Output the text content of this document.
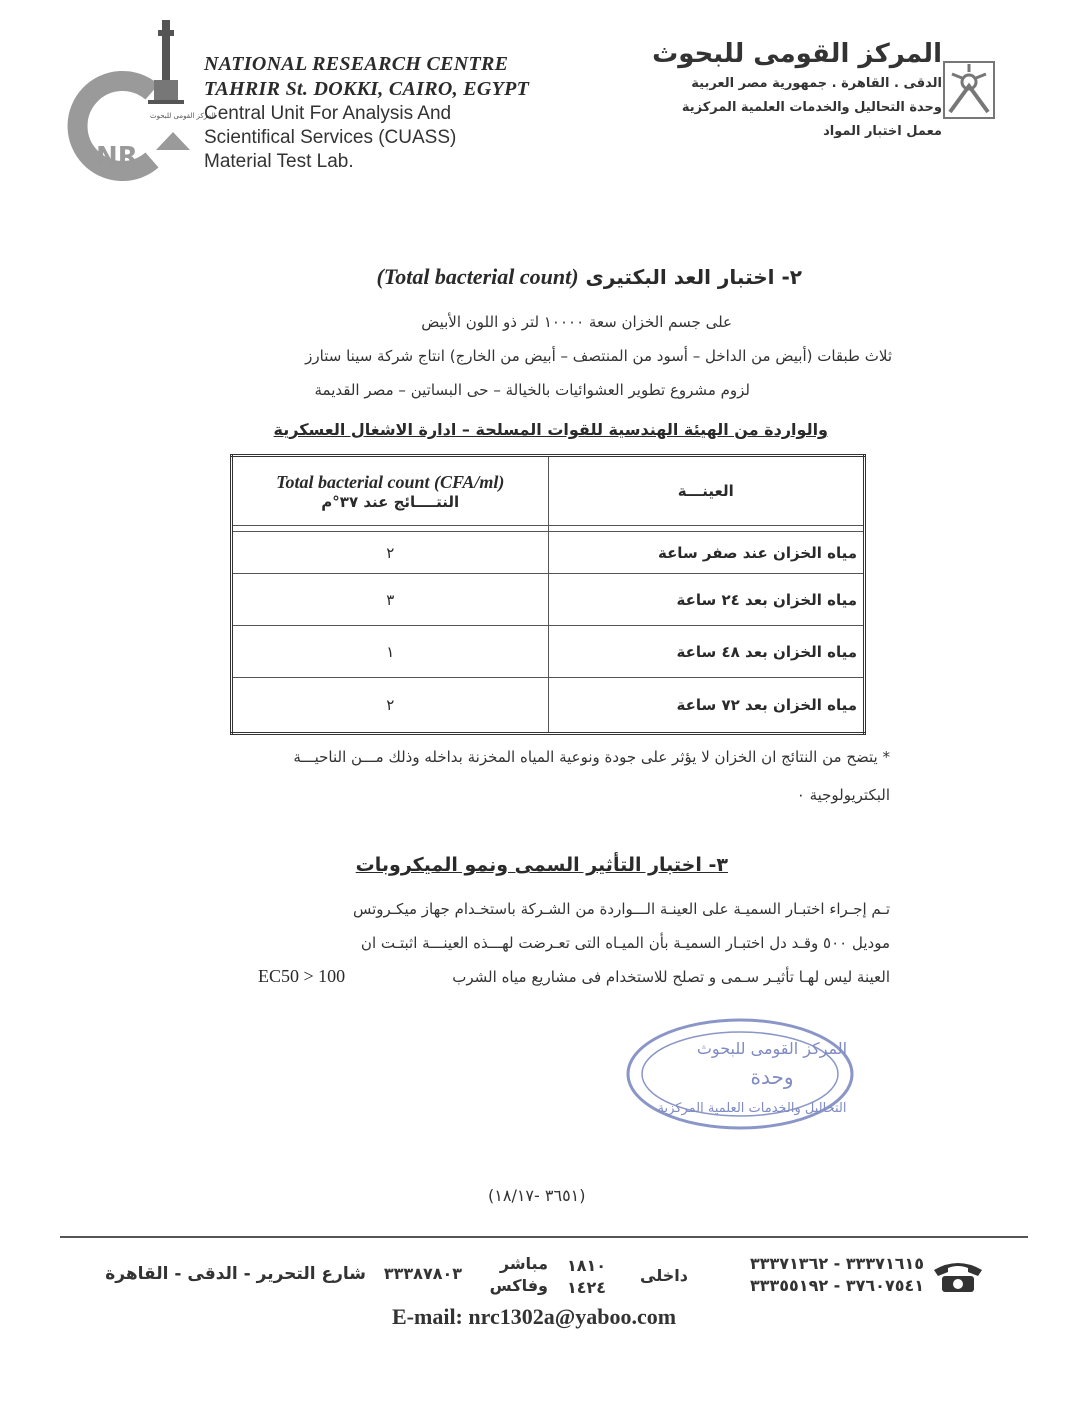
المركز القومى للبحوث
NR
NATIONAL RESEARCH CENTRE
TAHRIR St. DOKKI, CAIRO, EGYPT
Central Unit For Analysis And
Scientifical Services (CUASS)
Material Test Lab.
المركز القومى للبحوث
الدقى . القاهرة . جمهورية مصر العربية
وحدة التحاليل والخدمات العلمية المركزية
معمل اختبار المواد
٢- اختبار العد البكتيرى (Total bacterial count)
على جسم الخزان سعة ١٠٠٠٠ لتر ذو اللون الأبيض
ثلاث طبقات (أبيض من الداخل – أسود من المنتصف – أبيض من الخارج) انتاج شركة سينا ستارز
لزوم مشروع تطوير العشوائيات بالخيالة – حى البساتين – مصر القديمة
والواردة من الهيئة الهندسية للقوات المسلحة – ادارة الاشغال العسكرية
Total bacterial count (CFA/ml)
النتــــائج عند ٣٧°م	العينـــة

٢	مياه الخزان عند صفر ساعة
٣	مياه الخزان بعد ٢٤ ساعة
١	مياه الخزان بعد ٤٨ ساعة
٢	مياه الخزان بعد ٧٢ ساعة
* يتضح من النتائج ان الخزان لا يؤثر على جودة ونوعية المياه المخزنة بداخله وذلك مـــن الناحيـــة
البكتريولوجية ٠
٣- اختبار التأثير السمى ونمو الميكروبات
تـم إجـراء اختبـار السميـة على العينـة الـــواردة من الشـركة باستخـدام جهاز ميكـروتس
موديل ٥٠٠ وقـد دل اختبـار السميـة بأن الميـاه التى تعـرضت لهـــذه العينـــة اثبتـت ان
العينة ليس لهـا تأثيـر سـمى و تصلح للاستخدام فى مشاريع مياه الشرب
EC50 > 100
المركز القومى للبحوث
وحدة
التحاليل والخدمات العلمية المركزية
(٣٦٥١ -١٨/١٧)
شارع التحرير - الدقى - القاهرة ٣٣٣٨٧٨٠٣
مباشر
وفاكس
١٨١٠
١٤٢٤
داخلى
٣٣٣٧١٦١٥ - ٣٣٣٧١٣٦٢
٣٧٦٠٧٥٤١ - ٣٣٣٥٥١٩٢
E-mail: nrc1302a@yaboo.com
